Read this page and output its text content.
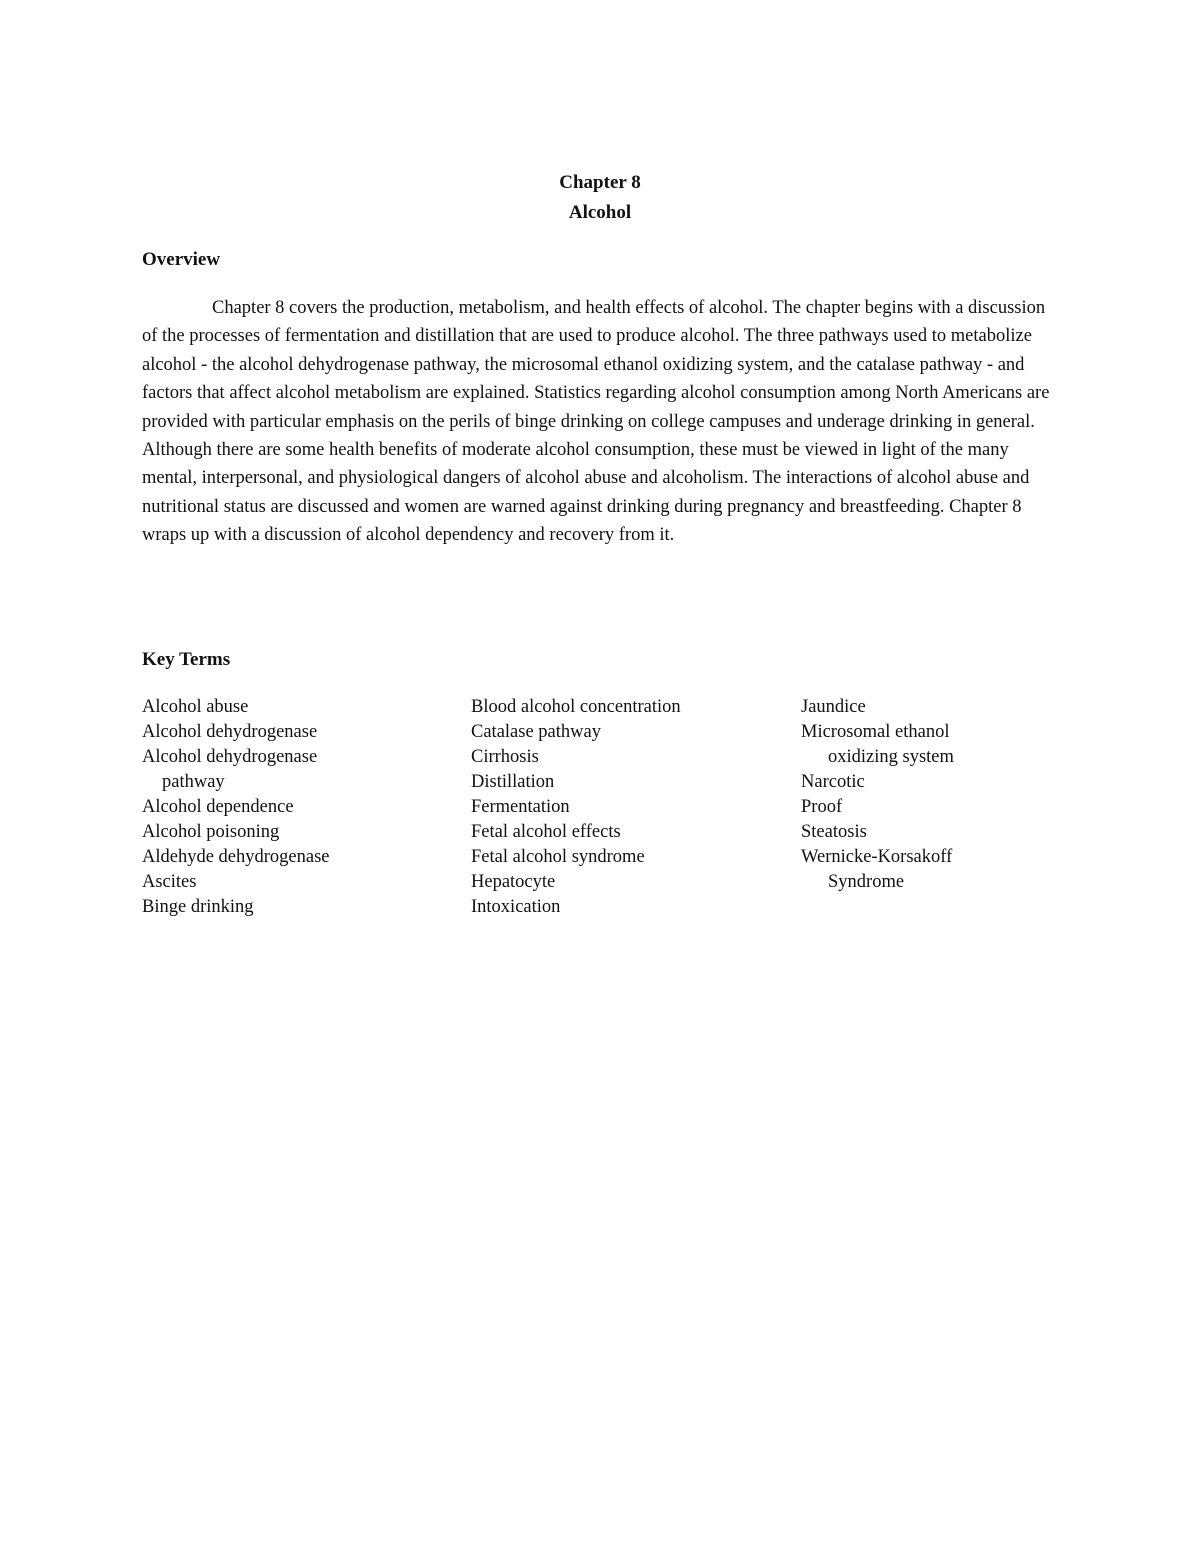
Chapter 8
Alcohol
Overview

Chapter 8 covers the production, metabolism, and health effects of alcohol. The chapter begins with a discussion of the processes of fermentation and distillation that are used to produce alcohol. The three pathways used to metabolize alcohol - the alcohol dehydrogenase pathway, the microsomal ethanol oxidizing system, and the catalase pathway - and factors that affect alcohol metabolism are explained. Statistics regarding alcohol consumption among North Americans are provided with particular emphasis on the perils of binge drinking on college campuses and underage drinking in general. Although there are some health benefits of moderate alcohol consumption, these must be viewed in light of the many mental, interpersonal, and physiological dangers of alcohol abuse and alcoholism. The interactions of alcohol abuse and nutritional status are discussed and women are warned against drinking during pregnancy and breastfeeding. Chapter 8 wraps up with a discussion of alcohol dependency and recovery from it.

Key Terms
Alcohol abuse
Alcohol dehydrogenase
Alcohol dehydrogenase
pathway
Alcohol dependence
Alcohol poisoning
Aldehyde dehydrogenase
Ascites
Binge drinking
Blood alcohol concentration
Catalase pathway
Cirrhosis
Distillation
Fermentation
Fetal alcohol effects
Fetal alcohol syndrome
Hepatocyte
Intoxication
Jaundice
Microsomal ethanol
oxidizing system
Narcotic
Proof
Steatosis
Wernicke-Korsakoff
Syndrome
